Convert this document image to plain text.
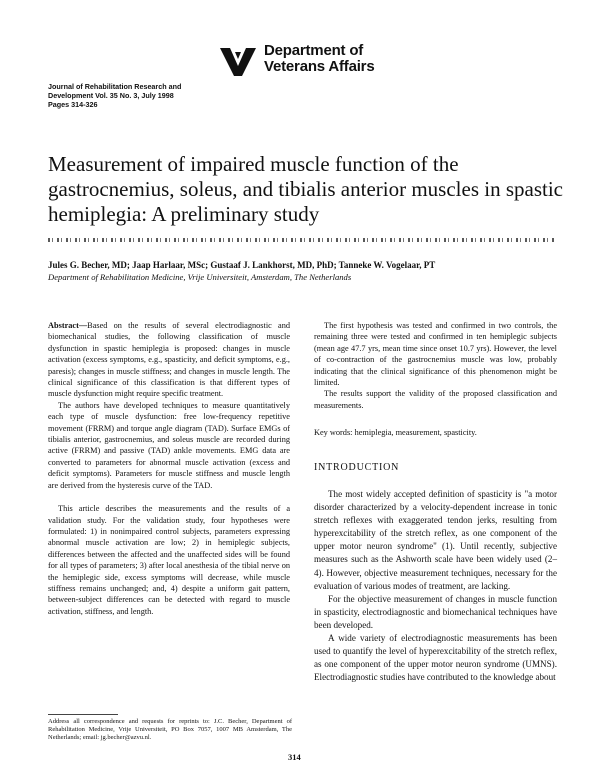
Department of
Veterans Affairs
Journal of Rehabilitation Research and
Development Vol. 35 No. 3, July 1998
Pages 314-326
Measurement of impaired muscle function of the gastrocnemius, soleus, and tibialis anterior muscles in spastic hemiplegia: A preliminary study
Jules G. Becher, MD; Jaap Harlaar, MSc; Gustaaf J. Lankhorst, MD, PhD; Tanneke W. Vogelaar, PT
Department of Rehabilitation Medicine, Vrije Universiteit, Amsterdam, The Netherlands

Abstract—Based on the results of several electrodiagnostic and biomechanical studies, the following classification of muscle dysfunction in spastic hemiplegia is proposed: changes in muscle activation (excess symptoms, e.g., spasticity, and deficit symptoms, e.g., paresis); changes in muscle stiffness; and changes in muscle length. The clinical significance of this classification is that different types of muscle dysfunction might require specific treatment.

The authors have developed techniques to measure quantitatively each type of muscle dysfunction: free low-frequency repetitive movement (FRRM) and torque angle diagram (TAD). Surface EMGs of tibialis anterior, gastrocnemius, and soleus muscle are recorded during active (FRRM) and passive (TAD) ankle movements. EMG data are converted to parameters for abnormal muscle activation (excess and deficit symptoms). Parameters for muscle stiffness and muscle length are derived from the hysteresis curve of the TAD.

This article describes the measurements and the results of a validation study. For the validation study, four hypotheses were formulated: 1) in nonimpaired control subjects, parameters expressing abnormal muscle activation are low; 2) in hemiplegic subjects, differences between the affected and the unaffected sides will be found for all types of parameters; 3) after local anesthesia of the tibial nerve on the hemiplegic side, excess symptoms will decrease, while muscle stiffness remains unchanged; and, 4) despite a uniform gait pattern, between-subject differences can be detected with regard to muscle activation, stiffness, and length.

The first hypothesis was tested and confirmed in two controls, the remaining three were tested and confirmed in ten hemiplegic subjects (mean age 47.7 yrs, mean time since onset 10.7 yrs). However, the level of co-contraction of the gastrocnemius muscle was low, probably indicating that the clinical significance of this phenomenon might be limited.

The results support the validity of the proposed classification and measurements.

Key words: hemiplegia, measurement, spasticity.
INTRODUCTION

The most widely accepted definition of spasticity is "a motor disorder characterized by a velocity-dependent increase in tonic stretch reflexes with exaggerated tendon jerks, resulting from hyperexcitability of the stretch reflex, as one component of the upper motor neuron syndrome" (1). Until recently, subjective measures such as the Ashworth scale have been widely used (2–4). However, objective measurement techniques, necessary for the evaluation of various modes of treatment, are lacking.

For the objective measurement of changes in muscle function in spasticity, electrodiagnostic and biomechanical techniques have been developed.

A wide variety of electrodiagnostic measurements has been used to quantify the level of hyperexcitability of the stretch reflex, as one component of the upper motor neuron syndrome (UMNS). Electrodiagnostic studies have contributed to the knowledge about

Address all correspondence and requests for reprints to: J.C. Becher, Department of Rehabilitation Medicine, Vrije Universiteit, PO Box 7057, 1007 MB Amsterdam, The Netherlands; email: jg.becher@azvu.nl.
314
